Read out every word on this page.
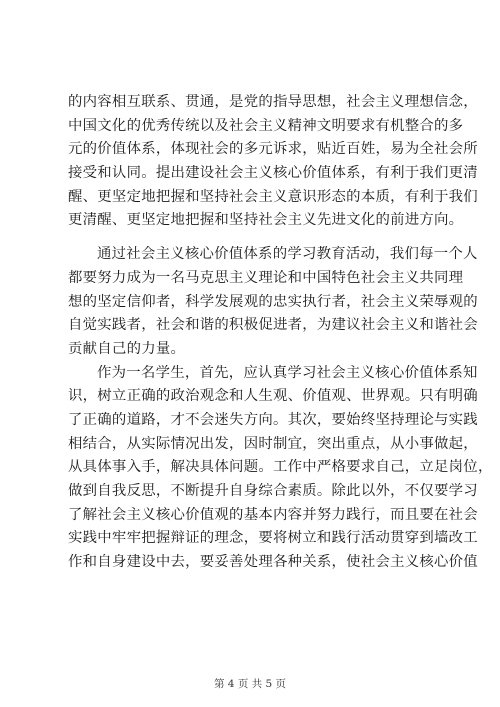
的内容相互联系、贯通，是党的指导思想，社会主义理想信念，
中国文化的优秀传统以及社会主义精神文明要求有机整合的多
元的价值体系，体现社会的多元诉求，贴近百姓，易为全社会所
接受和认同。提出建设社会主义核心价值体系，有利于我们更清
醒、更坚定地把握和坚持社会主义意识形态的本质，有利于我们
更清醒、更坚定地把握和坚持社会主义先进文化的前进方向。
通过社会主义核心价值体系的学习教育活动，我们每一个人
都要努力成为一名马克思主义理论和中国特色社会主义共同理
想的坚定信仰者，科学发展观的忠实执行者，社会主义荣辱观的
自觉实践者，社会和谐的积极促进者，为建议社会主义和谐社会
贡献自己的力量。
作为一名学生，首先，应认真学习社会主义核心价值体系知
识，树立正确的政治观念和人生观、价值观、世界观。只有明确
了正确的道路，才不会迷失方向。其次，要始终坚持理论与实践
相结合，从实际情况出发，因时制宜，突出重点，从小事做起，
从具体事入手，解决具体问题。工作中严格要求自己，立足岗位，
做到自我反思，不断提升自身综合素质。除此以外，不仅要学习
了解社会主义核心价值观的基本内容并努力践行，而且要在社会
实践中牢牢把握辩证的理念，要将树立和践行活动贯穿到墙改工
作和自身建设中去，要妥善处理各种关系，使社会主义核心价值
第 4 页 共 5 页
